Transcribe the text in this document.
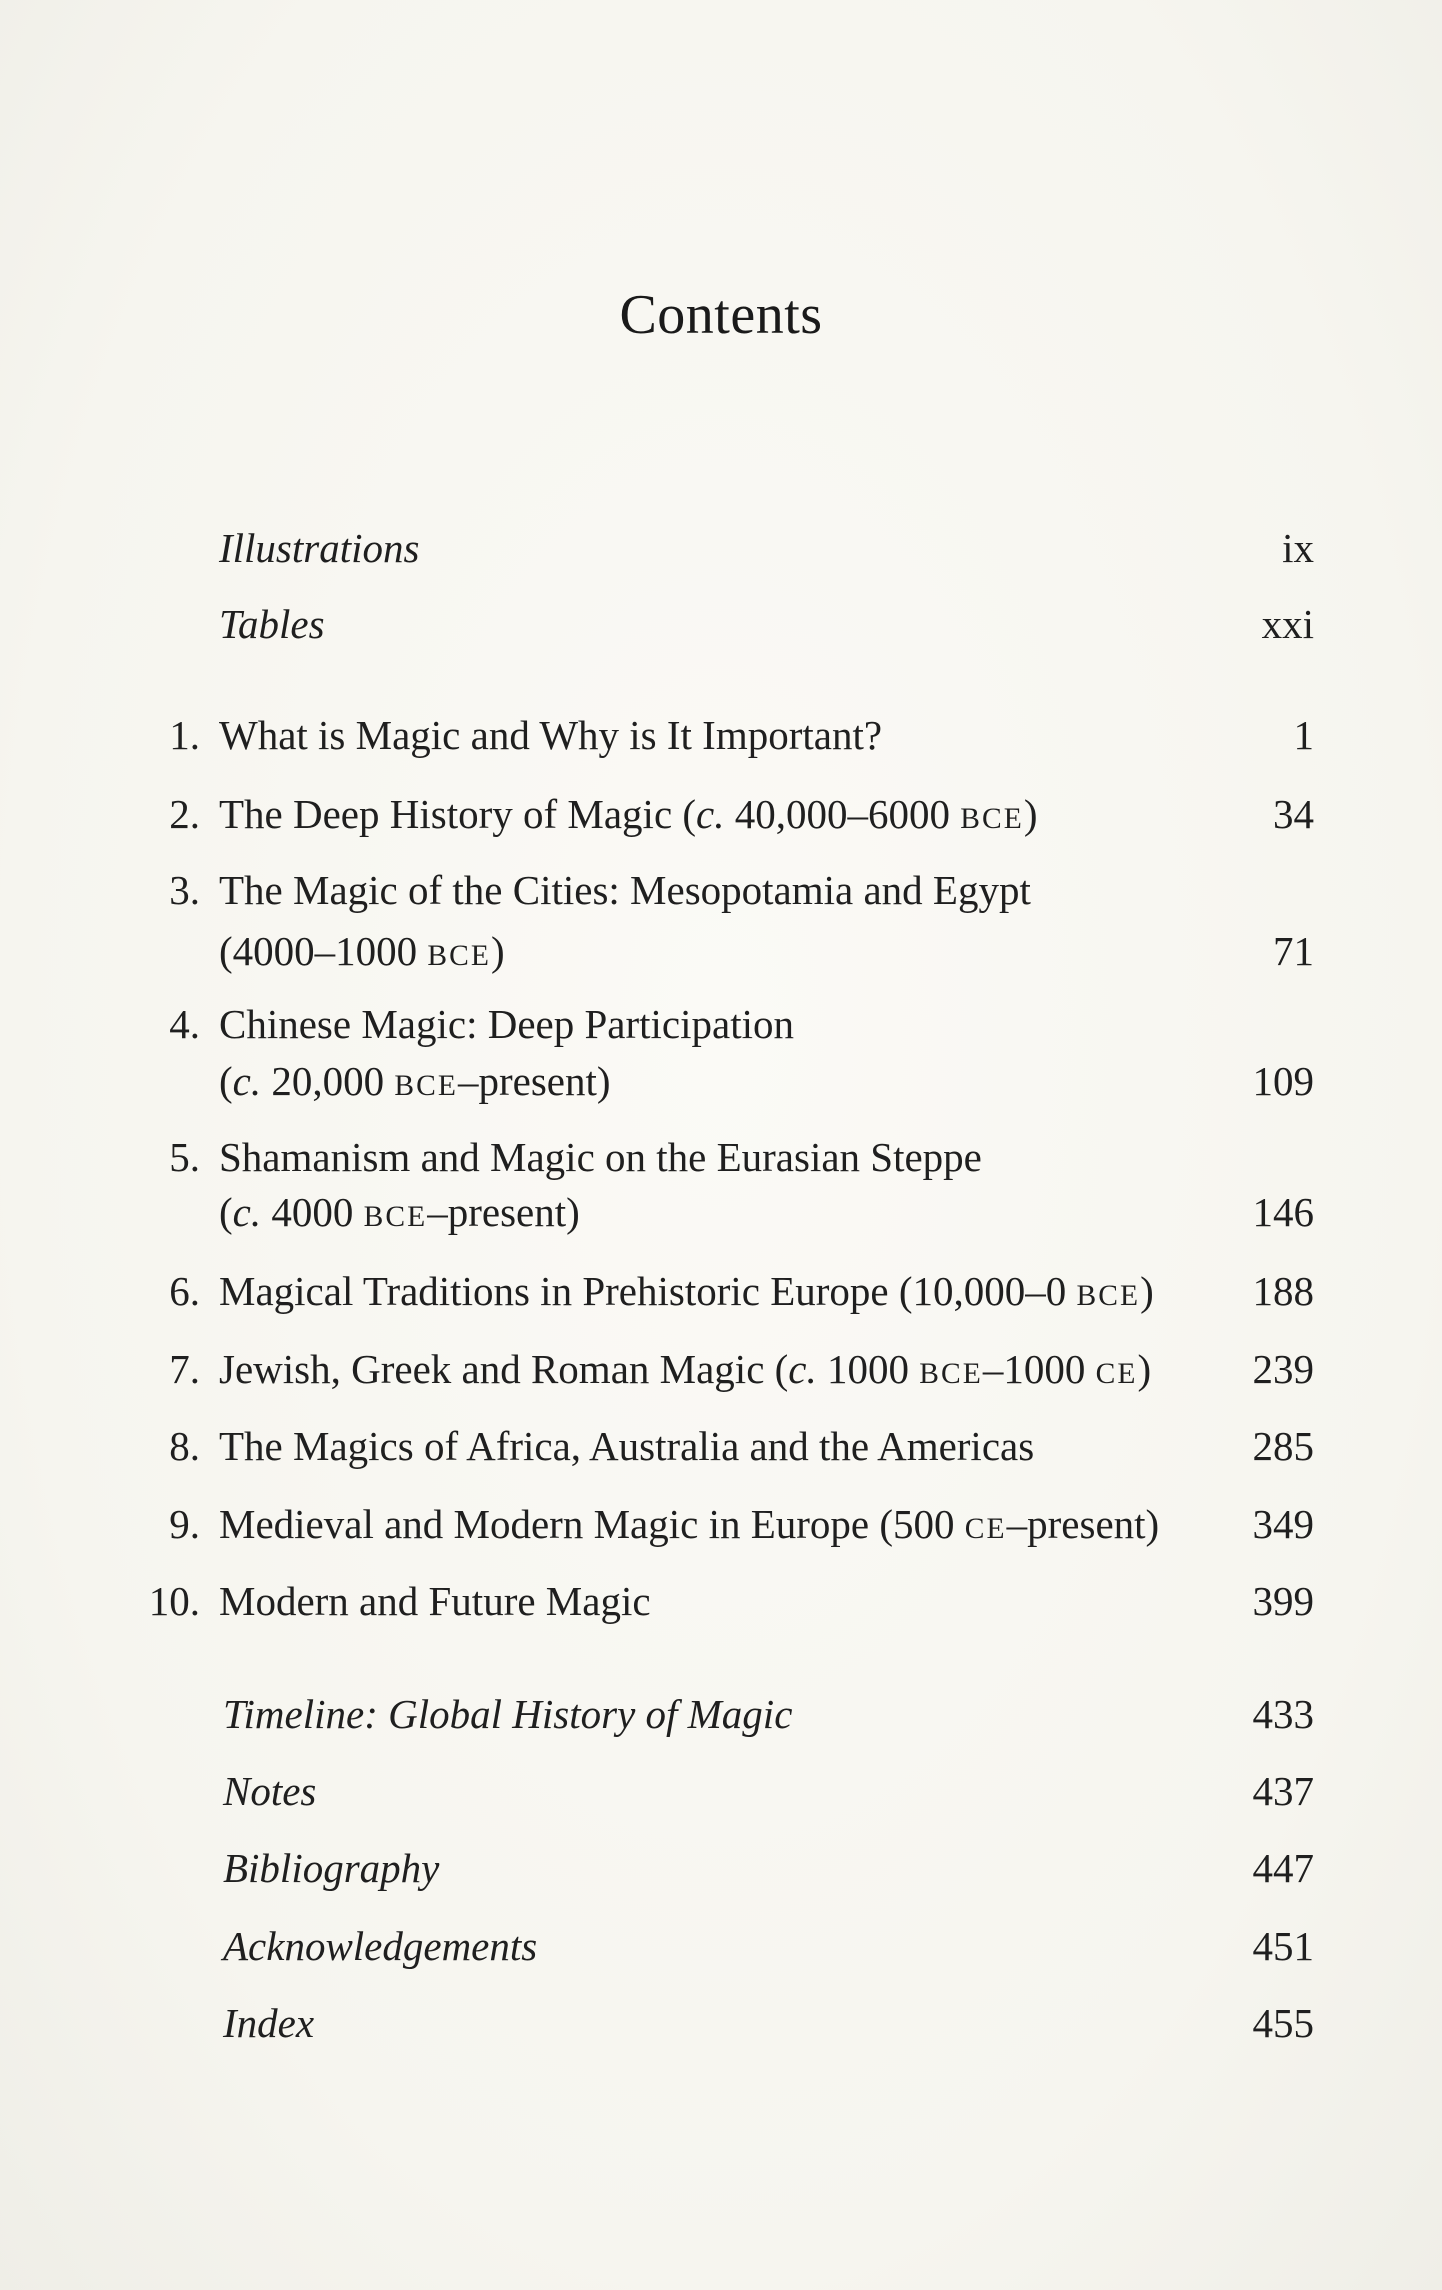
Contents
Illustrations	ix
Tables	xxi
1. What is Magic and Why is It Important?	1
2. The Deep History of Magic (c. 40,000–6000 BCE)	34
3. The Magic of the Cities: Mesopotamia and Egypt
(4000–1000 BCE)	71
4. Chinese Magic: Deep Participation
(c. 20,000 BCE–present)	109
5. Shamanism and Magic on the Eurasian Steppe
(c. 4000 BCE–present)	146
6. Magical Traditions in Prehistoric Europe (10,000–0 BCE) 188
7. Jewish, Greek and Roman Magic (c. 1000 BCE–1000 CE) 239
8. The Magics of Africa, Australia and the Americas	285
9. Medieval and Modern Magic in Europe (500 CE–present) 349
10. Modern and Future Magic	399
Timeline: Global History of Magic	433
Notes	437
Bibliography	447
Acknowledgements	451
Index	455
